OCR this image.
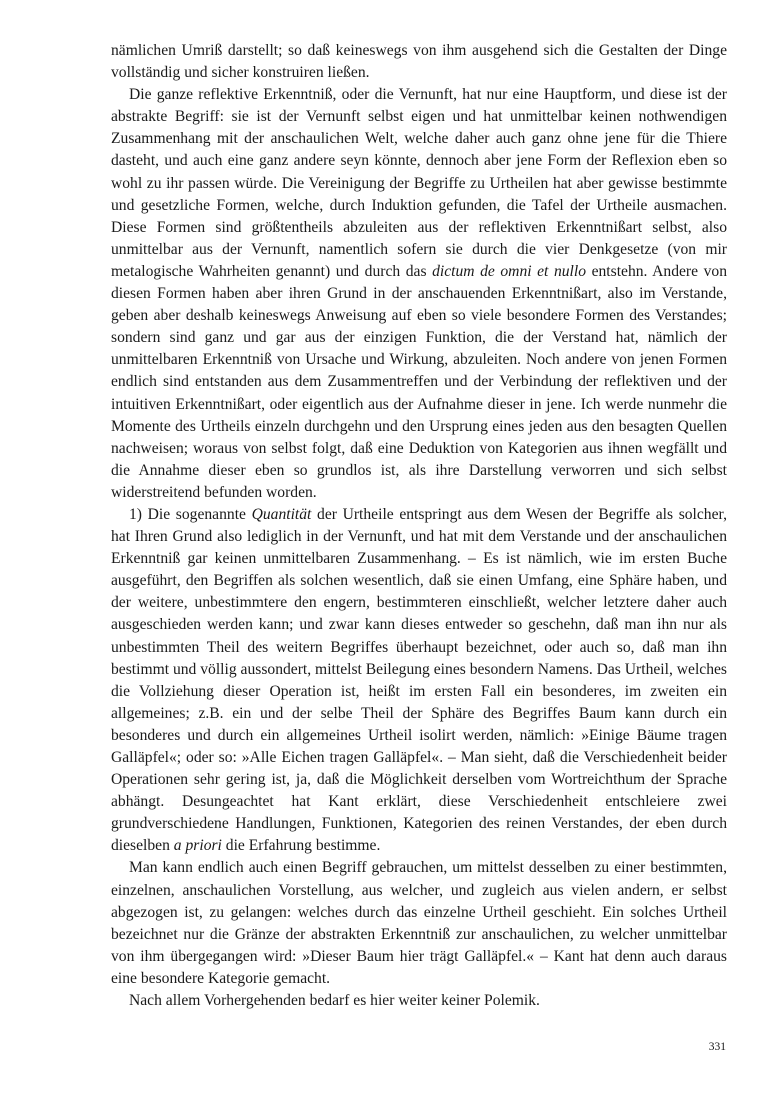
nämlichen Umriß darstellt; so daß keineswegs von ihm ausgehend sich die Gestalten der Dinge vollständig und sicher konstruiren ließen.

Die ganze reflektive Erkenntniß, oder die Vernunft, hat nur eine Hauptform, und diese ist der abstrakte Begriff: sie ist der Vernunft selbst eigen und hat unmittelbar keinen nothwendigen Zusammenhang mit der anschaulichen Welt, welche daher auch ganz ohne jene für die Thiere dasteht, und auch eine ganz andere seyn könnte, dennoch aber jene Form der Reflexion eben so wohl zu ihr passen würde. Die Vereinigung der Begriffe zu Urtheilen hat aber gewisse bestimmte und gesetzliche Formen, welche, durch Induktion gefunden, die Tafel der Urtheile ausmachen. Diese Formen sind größtentheils abzuleiten aus der reflektiven Erkenntnißart selbst, also unmittelbar aus der Vernunft, namentlich sofern sie durch die vier Denkgesetze (von mir metalogische Wahrheiten genannt) und durch das dictum de omni et nullo entstehn. Andere von diesen Formen haben aber ihren Grund in der anschauenden Erkenntnißart, also im Verstande, geben aber deshalb keineswegs Anweisung auf eben so viele besondere Formen des Verstandes; sondern sind ganz und gar aus der einzigen Funktion, die der Verstand hat, nämlich der unmittelbaren Erkenntniß von Ursache und Wirkung, abzuleiten. Noch andere von jenen Formen endlich sind entstanden aus dem Zusammentreffen und der Verbindung der reflektiven und der intuitiven Erkenntnißart, oder eigentlich aus der Aufnahme dieser in jene. Ich werde nunmehr die Momente des Urtheils einzeln durchgehn und den Ursprung eines jeden aus den besagten Quellen nachweisen; woraus von selbst folgt, daß eine Deduktion von Kategorien aus ihnen wegfällt und die Annahme dieser eben so grundlos ist, als ihre Darstellung verworren und sich selbst widerstreitend befunden worden.

1) Die sogenannte Quantität der Urtheile entspringt aus dem Wesen der Begriffe als solcher, hat Ihren Grund also lediglich in der Vernunft, und hat mit dem Verstande und der anschaulichen Erkenntniß gar keinen unmittelbaren Zusammenhang. – Es ist nämlich, wie im ersten Buche ausgeführt, den Begriffen als solchen wesentlich, daß sie einen Umfang, eine Sphäre haben, und der weitere, unbestimmtere den engern, bestimmteren einschließt, welcher letztere daher auch ausgeschieden werden kann; und zwar kann dieses entweder so geschehn, daß man ihn nur als unbestimmten Theil des weitern Begriffes überhaupt bezeichnet, oder auch so, daß man ihn bestimmt und völlig aussondert, mittelst Beilegung eines besondern Namens. Das Urtheil, welches die Vollziehung dieser Operation ist, heißt im ersten Fall ein besonderes, im zweiten ein allgemeines; z.B. ein und der selbe Theil der Sphäre des Begriffes Baum kann durch ein besonderes und durch ein allgemeines Urtheil isolirt werden, nämlich: »Einige Bäume tragen Galläpfel«; oder so: »Alle Eichen tragen Galläpfel«. – Man sieht, daß die Verschiedenheit beider Operationen sehr gering ist, ja, daß die Möglichkeit derselben vom Wortreichthum der Sprache abhängt. Desungeachtet hat Kant erklärt, diese Verschiedenheit entschleiere zwei grundverschiedene Handlungen, Funktionen, Kategorien des reinen Verstandes, der eben durch dieselben a priori die Erfahrung bestimme.

Man kann endlich auch einen Begriff gebrauchen, um mittelst desselben zu einer bestimmten, einzelnen, anschaulichen Vorstellung, aus welcher, und zugleich aus vielen andern, er selbst abgezogen ist, zu gelangen: welches durch das einzelne Urtheil geschieht. Ein solches Urtheil bezeichnet nur die Gränze der abstrakten Erkenntniß zur anschaulichen, zu welcher unmittelbar von ihm übergegangen wird: »Dieser Baum hier trägt Galläpfel.« – Kant hat denn auch daraus eine besondere Kategorie gemacht.

Nach allem Vorhergehenden bedarf es hier weiter keiner Polemik.

331
